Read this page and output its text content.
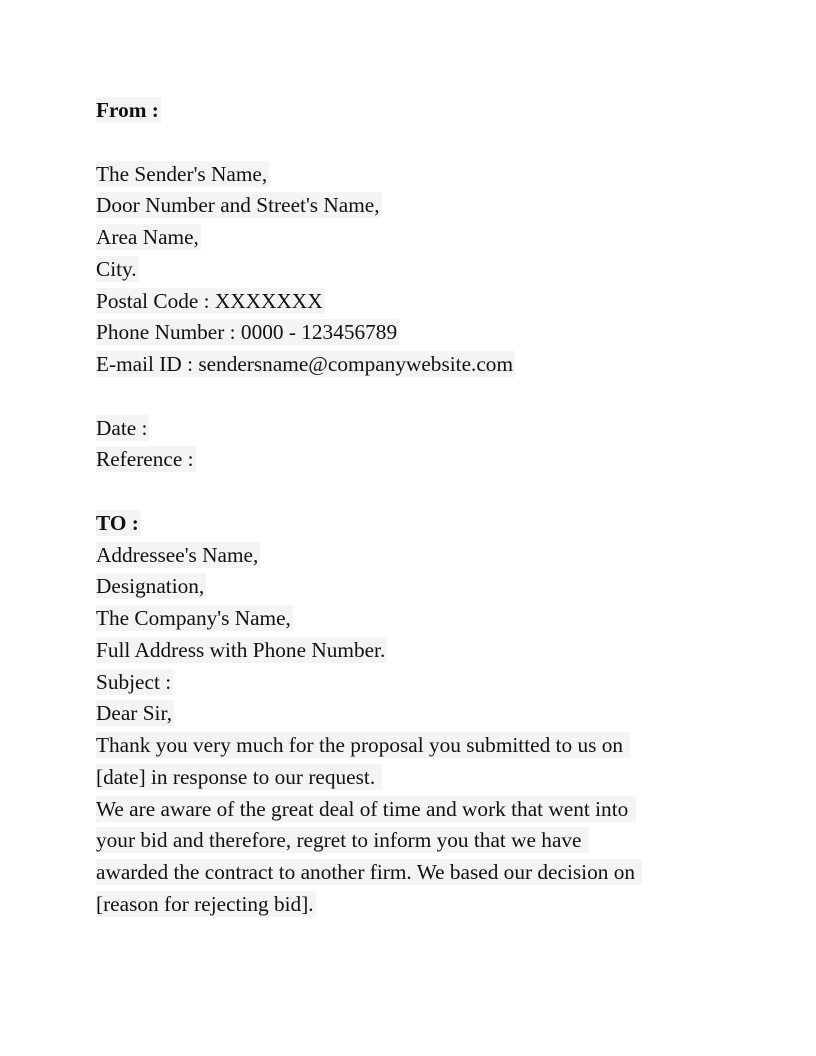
From :
The Sender's Name,
Door Number and Street's Name,
Area Name,
City.
Postal Code : XXXXXXX
Phone Number : 0000 - 123456789
E-mail ID : sendersname@companywebsite.com
Date :
Reference :
TO :
Addressee's Name,
Designation,
The Company's Name,
Full Address with Phone Number.
Subject :
Dear Sir,
Thank you very much for the proposal you submitted to us on
[date] in response to our request.
We are aware of the great deal of time and work that went into
your bid and therefore, regret to inform you that we have
awarded the contract to another firm. We based our decision on
[reason for rejecting bid].
